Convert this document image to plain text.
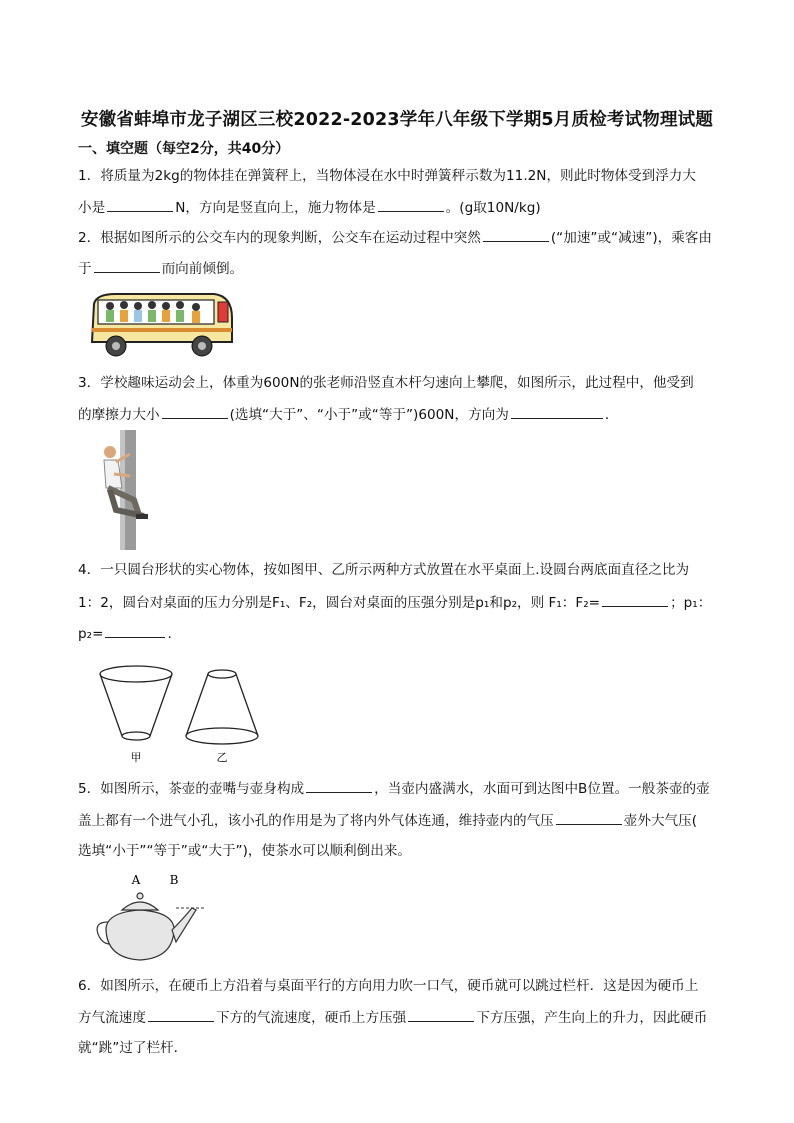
安徽省蚌埠市龙子湖区三校2022-2023学年八年级下学期5月质检考试物理试题
一、填空题（每空2分，共40分）
1．将质量为2kg的物体挂在弹簧秤上，当物体浸在水中时弹簧秤示数为11.2N，则此时物体受到浮力大
小是	N，方向是竖直向上，施力物体是	。(g取10N/kg)
2．根据如图所示的公交车内的现象判断，公交车在运动过程中突然	(“加速”或“减速”)，乘客由
于	而向前倾倒。
3．学校趣味运动会上，体重为600N的张老师沿竖直木杆匀速向上攀爬，如图所示，此过程中，他受到
的摩擦力大小	(选填“大于”、“小于”或“等于”)600N，方向为	．
4．一只圆台形状的实心物体，按如图甲、乙所示两种方式放置在水平桌面上.设圆台两底面直径之比为
1：2，圆台对桌面的压力分别是F₁、F₂，圆台对桌面的压强分别是p₁和p₂，则 F₁：F₂=	；p₁：
p₂=	.
甲	乙
5．如图所示，茶壶的壶嘴与壶身构成	，当壶内盛满水，水面可到达图中B位置。一般茶壶的壶
盖上都有一个进气小孔，该小孔的作用是为了将内外气体连通，维持壶内的气压	壶外大气压(
选填“小于”“等于”或“大于”)，使茶水可以顺利倒出来。
A B
6．如图所示，在硬币上方沿着与桌面平行的方向用力吹一口气，硬币就可以跳过栏杆．这是因为硬币上
方气流速度	下方的气流速度，硬币上方压强	下方压强，产生向上的升力，因此硬币
就“跳”过了栏杆．
